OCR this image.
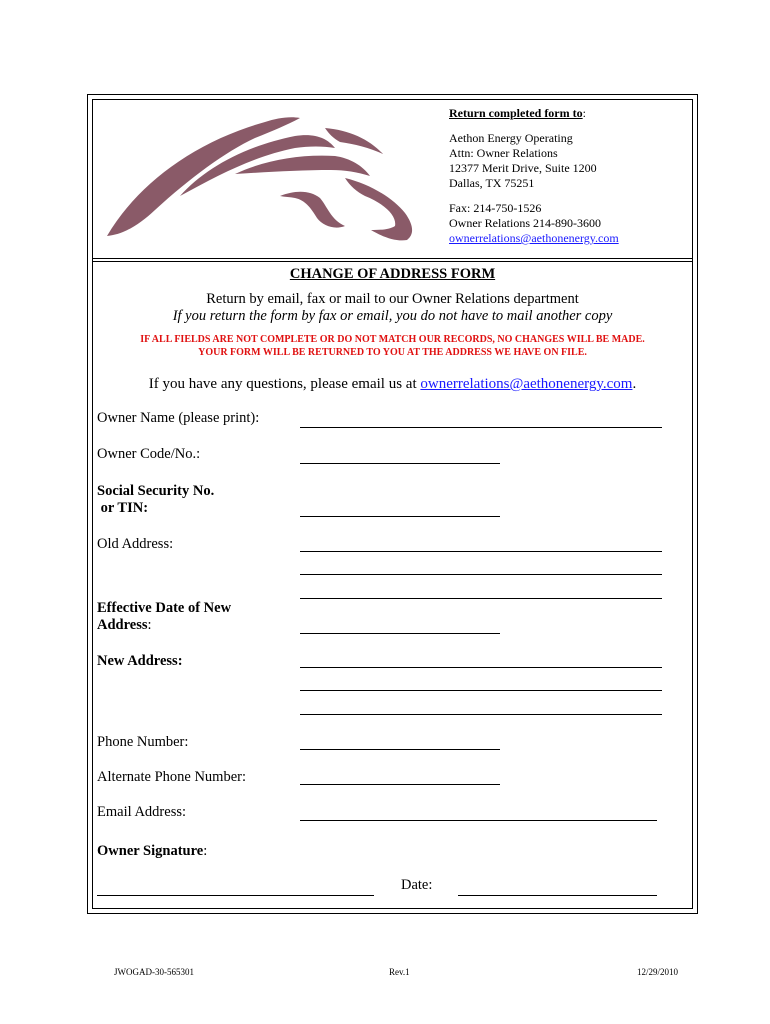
Return completed form to:
Aethon Energy Operating
Attn: Owner Relations
12377 Merit Drive, Suite 1200
Dallas, TX 75251
Fax: 214-750-1526
Owner Relations 214-890-3600
ownerrelations@aethonenergy.com
CHANGE OF ADDRESS FORM
Return by email, fax or mail to our Owner Relations department
If you return the form by fax or email, you do not have to mail another copy
IF ALL FIELDS ARE NOT COMPLETE OR DO NOT MATCH OUR RECORDS, NO CHANGES WILL BE MADE.
YOUR FORM WILL BE RETURNED TO YOU AT THE ADDRESS WE HAVE ON FILE.
If you have any questions, please email us at ownerrelations@aethonenergy.com.
Owner Name (please print):
Owner Code/No.:
Social Security No.
or TIN:
Old Address:
Effective Date of New
Address:
New Address:
Phone Number:
Alternate Phone Number:
Email Address:
Owner Signature:
Date:
JWOGAD-30-565301	Rev.1	12/29/2010
